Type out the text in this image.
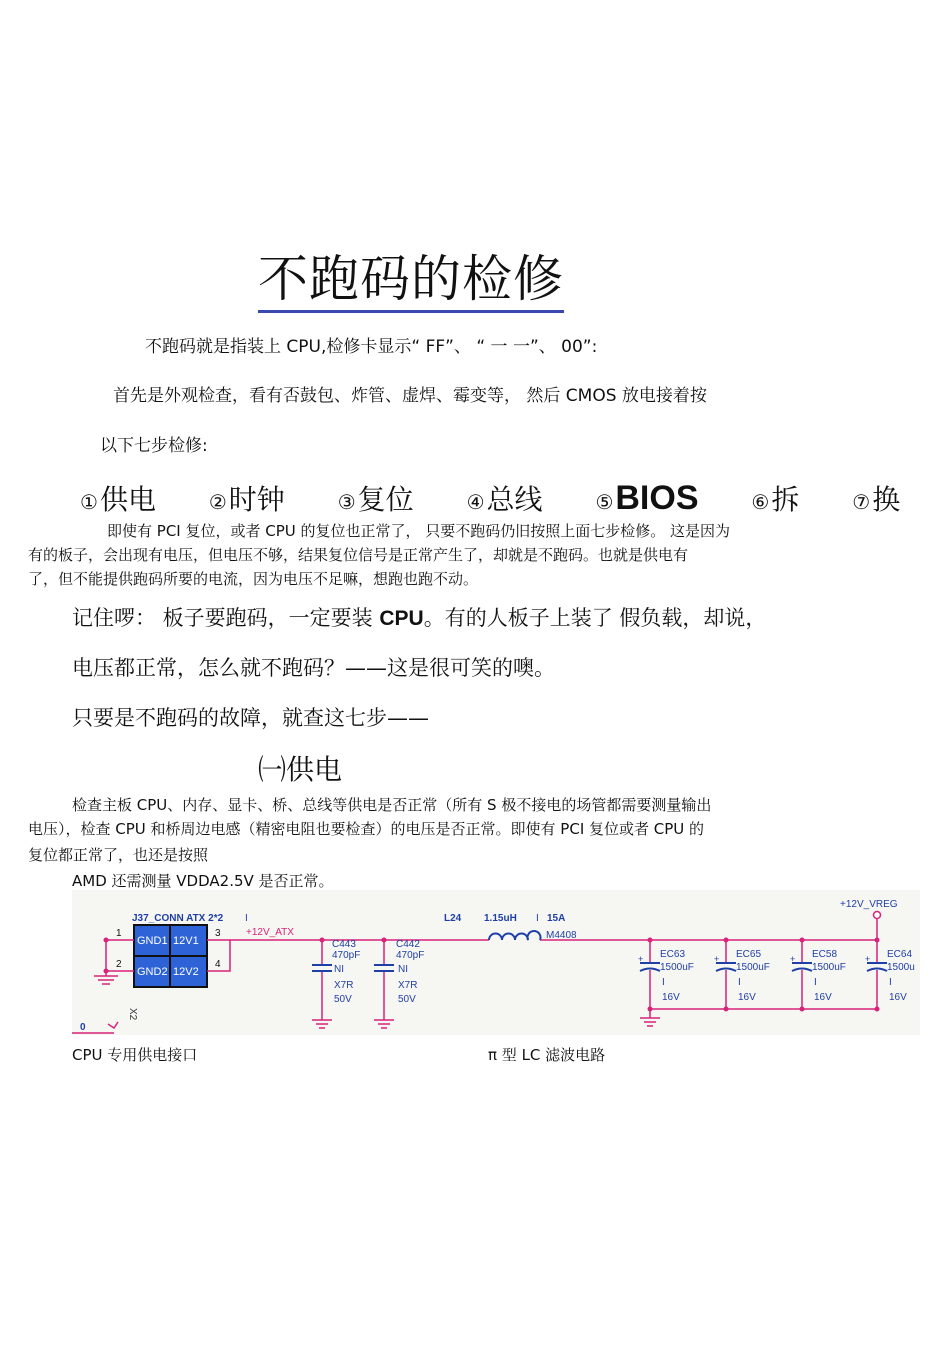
不跑码的检修
不跑码就是指装上 CPU,检修卡显示“ FF”、 “ 一 一”、 00”:
首先是外观检查，看有否鼓包、炸管、虚焊、霉变等， 然后 CMOS 放电接着按
以下七步检修:
①供电	②时钟	③复位	④总线	⑤BIOS	⑥拆	⑦换
即使有 PCI 复位，或者 CPU 的复位也正常了， 只要不跑码仍旧按照上面七步检修。 这是因为
有的板子，会出现有电压，但电压不够，结果复位信号是正常产生了，却就是不跑码。也就是供电有
了，但不能提供跑码所要的电流，因为电压不足嘛，想跑也跑不动。
记住啰： 板子要跑码，一定要装 CPU。有的人板子上装了 假负载，却说，
电压都正常，怎么就不跑码？——这是很可笑的噢。
只要是不跑码的故障，就查这七步——
㈠供电
检查主板 CPU、内存、显卡、桥、总线等供电是否正常（所有 S 极不接电的场管都需要测量输出
电压），检查 CPU 和桥周边电感（精密电阻也要检查）的电压是否正常。即使有 PCI 复位或者 CPU 的
复位都正常了，也还是按照
AMD 还需测量 VDDA2.5V 是否正常。
J37_CONN ATX 2*2 I
GND1 12V1
GND2 12V2
X2
1
2
3
4
+12V_ATX
L24 1.15uH I 15A
M4408
+12V_VREG
C443
470pF
NI
X7R
50V
C442
470pF
NI
X7R
50V
EC63
1500uF
I
16V
+	EC65
1500uF
I
16V
+	EC58
1500uF
I
16V
+	EC64
1500u
I
16V
+
0
CPU 专用供电接口	π 型 LC 滤波电路
